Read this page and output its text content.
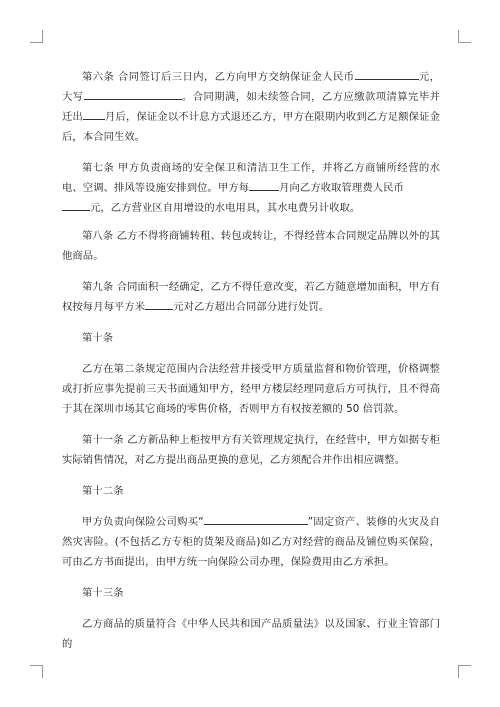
第六条 合同签订后三日内，乙方向甲方交纳保证金人民币	元，大写	。合同期满，如未续签合同，乙方应缴款项清算完毕并迁出 月后，保证金以不计息方式退还乙方，甲方在限期内收到乙方足额保证金后，本合同生效。

第七条 甲方负责商场的安全保卫和清洁卫生工作，并将乙方商铺所经营的水电、空调、排风等设施安排到位。甲方每	月向乙方收取管理费人民币
元，乙方营业区自用增设的水电用具，其水电费另计收取。

第八条 乙方不得将商铺转租、转包或转让，不得经营本合同规定品牌以外的其他商品。

第九条 合同面积一经确定，乙方不得任意改变，若乙方随意增加面积，甲方有权按每月每平方米	元对乙方超出合同部分进行处罚。

第十条

乙方在第二条规定范围内合法经营并接受甲方质量监督和物价管理，价格调整或打折应事先提前三天书面通知甲方，经甲方楼层经理同意后方可执行，且不得高于其在深圳市场其它商场的零售价格，否则甲方有权按差额的 50 倍罚款。

第十一条 乙方新品种上柜按甲方有关管理规定执行，在经营中，甲方如据专柜实际销售情况，对乙方提出商品更换的意见，乙方须配合并作出相应调整。

第十二条

甲方负责向保险公司购买“	”固定资产、装修的火灾及自然灾害险。(不包括乙方专柜的货架及商品)如乙方对经营的商品及铺位购买保险，可由乙方书面提出，由甲方统一向保险公司办理，保险费用由乙方承担。

第十三条

乙方商品的质量符合《中华人民共和国产品质量法》以及国家、行业主管部门的
